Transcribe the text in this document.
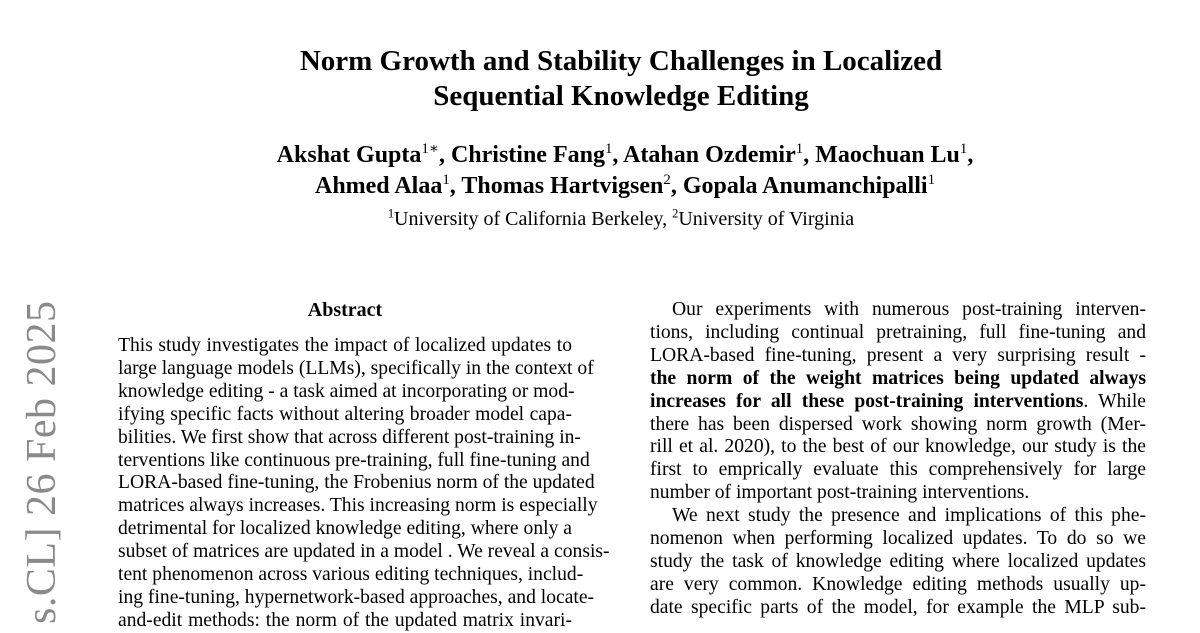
s.CL] 26 Feb 2025
Norm Growth and Stability Challenges in Localized
Sequential Knowledge Editing
Akshat Gupta$^{1∗}$, Christine Fang$^1$, Atahan Ozdemir$^1$, Maochuan Lu$^1$,
Ahmed Alaa$^1$, Thomas Hartvigsen$^2$, Gopala Anumanchipalli$^1$
$^1$University of California Berkeley, $^2$University of Virginia
Abstract
This study investigates the impact of localized updates to
large language models (LLMs), specifically in the context of
knowledge editing - a task aimed at incorporating or mod-
ifying specific facts without altering broader model capa-
bilities. We first show that across different post-training in-
terventions like continuous pre-training, full fine-tuning and
LORA-based fine-tuning, the Frobenius norm of the updated
matrices always increases. This increasing norm is especially
detrimental for localized knowledge editing, where only a
subset of matrices are updated in a model . We reveal a consis-
tent phenomenon across various editing techniques, includ-
ing fine-tuning, hypernetwork-based approaches, and locate-
and-edit methods: the norm of the updated matrix invari-
Our experiments with numerous post-training interven-
tions, including continual pretraining, full fine-tuning and
LORA-based fine-tuning, present a very surprising result -
the norm of the weight matrices being updated always
increases for all these post-training interventions. While
there has been dispersed work showing norm growth (Mer-
rill et al. 2020), to the best of our knowledge, our study is the
first to emprically evaluate this comprehensively for large
number of important post-training interventions.
We next study the presence and implications of this phe-
nomenon when performing localized updates. To do so we
study the task of knowledge editing where localized updates
are very common. Knowledge editing methods usually up-
date specific parts of the model, for example the MLP sub-
